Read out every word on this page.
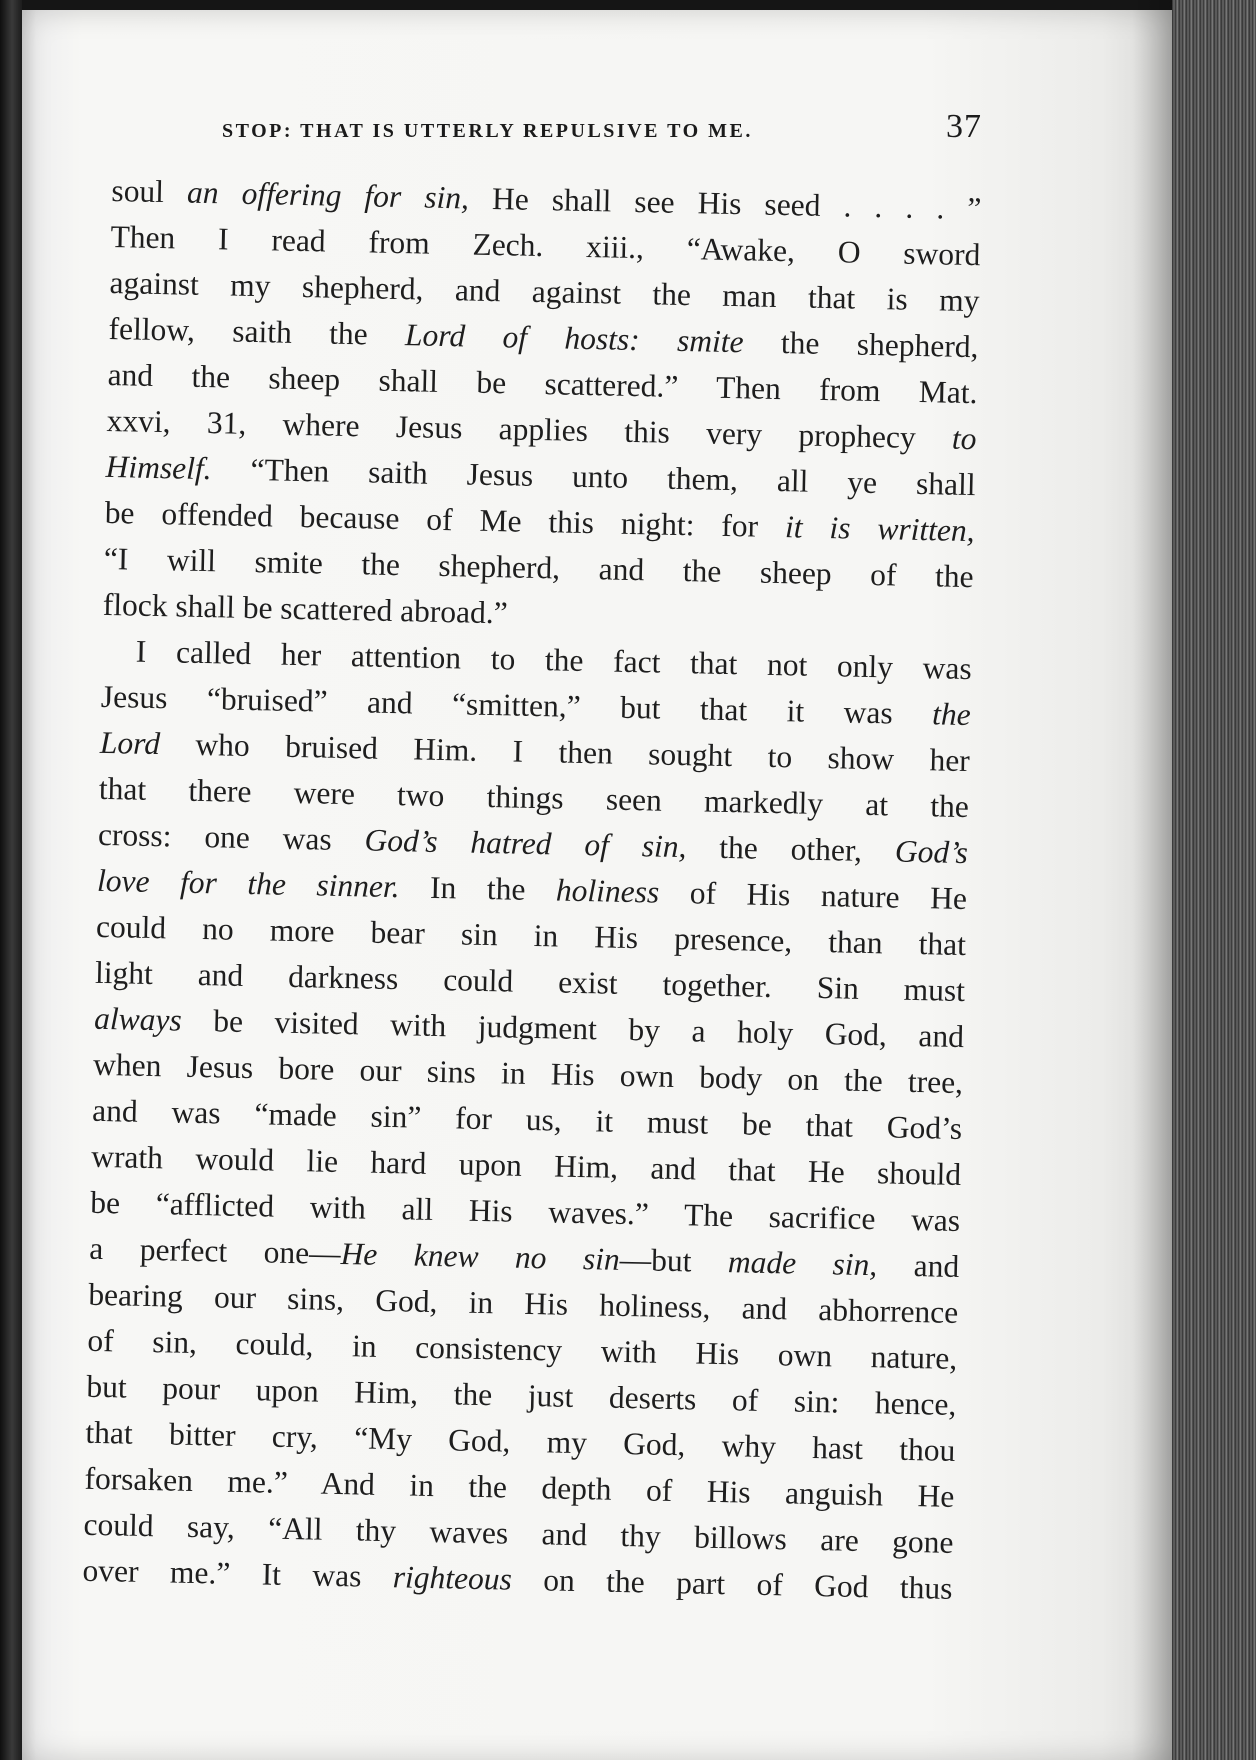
STOP: THAT IS UTTERLY REPULSIVE TO ME.	37
soul an offering for sin, He shall see His seed . . . . ”
Then I read from Zech. xiii., “Awake, O sword
against my shepherd, and against the man that is my
fellow, saith the Lord of hosts: smite the shepherd,
and the sheep shall be scattered.” Then from Mat.
xxvi, 31, where Jesus applies this very prophecy to
Himself. “Then saith Jesus unto them, all ye shall
be offended because of Me this night: for it is written,
“I will smite the shepherd, and the sheep of the
flock shall be scattered abroad.”
I called her attention to the fact that not only was
Jesus “bruised” and “smitten,” but that it was the
Lord who bruised Him. I then sought to show her
that there were two things seen markedly at the
cross: one was God’s hatred of sin, the other, God’s
love for the sinner. In the holiness of His nature He
could no more bear sin in His presence, than that
light and darkness could exist together. Sin must
always be visited with judgment by a holy God, and
when Jesus bore our sins in His own body on the tree,
and was “made sin” for us, it must be that God’s
wrath would lie hard upon Him, and that He should
be “afflicted with all His waves.” The sacrifice was
a perfect one—He knew no sin—but made sin, and
bearing our sins, God, in His holiness, and abhorrence
of sin, could, in consistency with His own nature,
but pour upon Him, the just deserts of sin: hence,
that bitter cry, “My God, my God, why hast thou
forsaken me.” And in the depth of His anguish He
could say, “All thy waves and thy billows are gone
over me.” It was righteous on the part of God thus
